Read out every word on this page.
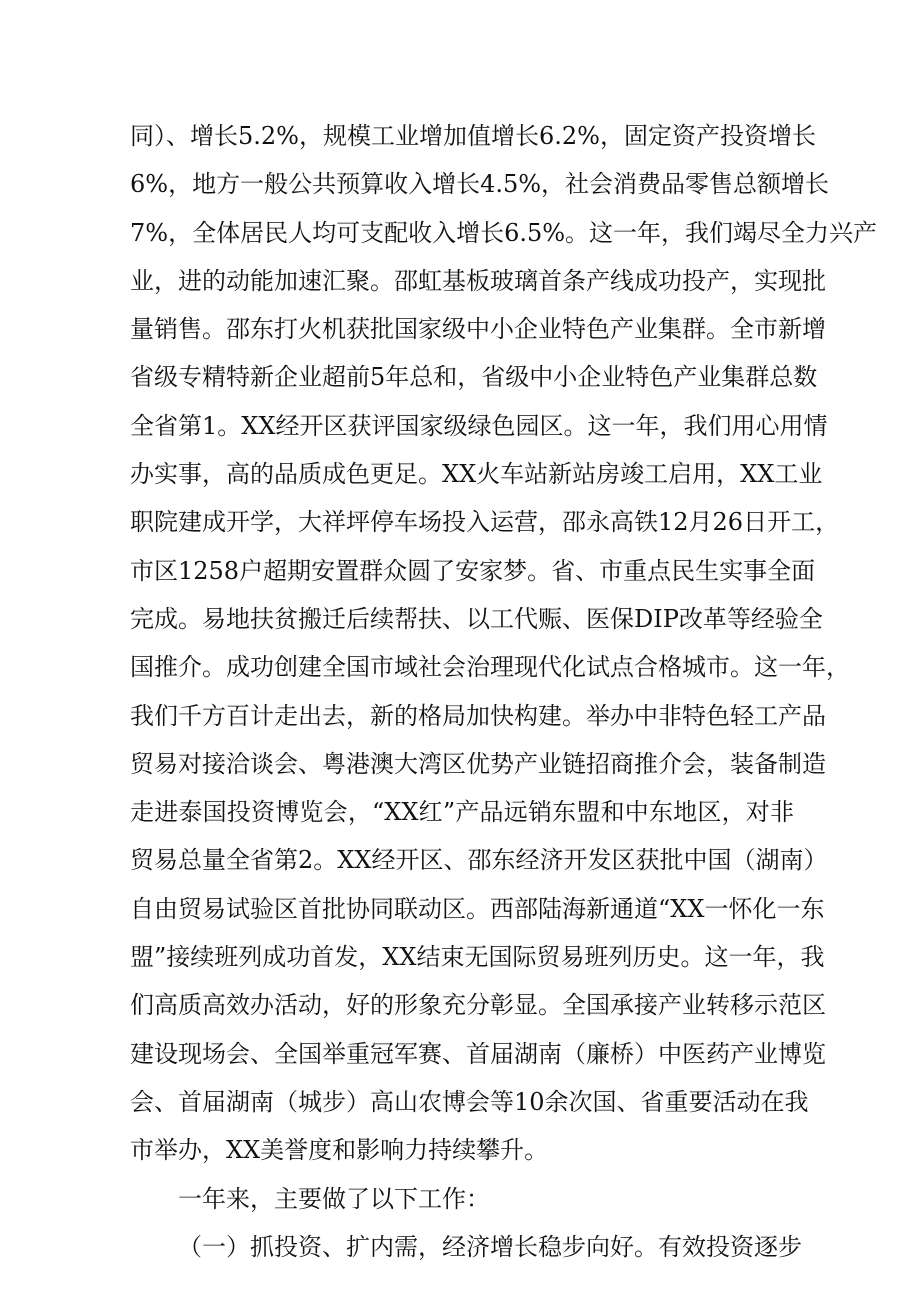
同）、增长5.2%，规模工业增加值增长6.2%，固定资产投资增长
6%，地方一般公共预算收入增长4.5%，社会消费品零售总额增长
7%，全体居民人均可支配收入增长6.5%。这一年，我们竭尽全力兴产
业，进的动能加速汇聚。邵虹基板玻璃首条产线成功投产，实现批
量销售。邵东打火机获批国家级中小企业特色产业集群。全市新增
省级专精特新企业超前5年总和，省级中小企业特色产业集群总数
全省第1。XX经开区获评国家级绿色园区。这一年，我们用心用情
办实事，高的品质成色更足。XX火车站新站房竣工启用，XX工业
职院建成开学，大祥坪停车场投入运营，邵永高铁12月26日开工，
市区1258户超期安置群众圆了安家梦。省、市重点民生实事全面
完成。易地扶贫搬迁后续帮扶、以工代赈、医保DIP改革等经验全
国推介。成功创建全国市域社会治理现代化试点合格城市。这一年，
我们千方百计走出去，新的格局加快构建。举办中非特色轻工产品
贸易对接洽谈会、粤港澳大湾区优势产业链招商推介会，装备制造
走进泰国投资博览会，“XX红”产品远销东盟和中东地区，对非
贸易总量全省第2。XX经开区、邵东经济开发区获批中国（湖南）
自由贸易试验区首批协同联动区。西部陆海新通道“XX一怀化一东
盟”接续班列成功首发，XX结束无国际贸易班列历史。这一年，我
们高质高效办活动，好的形象充分彰显。全国承接产业转移示范区
建设现场会、全国举重冠军赛、首届湖南（廉桥）中医药产业博览
会、首届湖南（城步）高山农博会等10余次国、省重要活动在我
市举办，XX美誉度和影响力持续攀升。
一年来，主要做了以下工作：
（一）抓投资、扩内需，经济增长稳步向好。有效投资逐步
